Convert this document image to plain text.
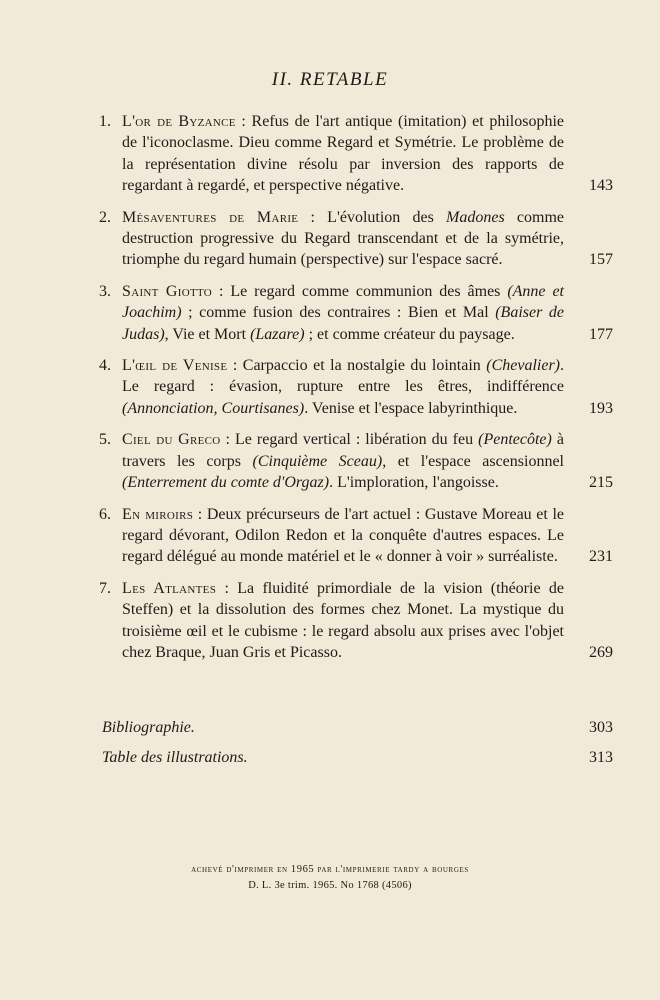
II. RETABLE
1. L'or de Byzance : Refus de l'art antique (imitation) et philosophie de l'iconoclasme. Dieu comme Regard et Symétrie. Le problème de la représentation divine résolu par inversion des rapports de regardant à regardé, et perspective négative.	143
2. Mésaventures de Marie : L'évolution des Madones comme destruction progressive du Regard transcendant et de la symétrie, triomphe du regard humain (perspective) sur l'espace sacré.	157
3. Saint Giotto : Le regard comme communion des âmes (Anne et Joachim) ; comme fusion des contraires : Bien et Mal (Baiser de Judas), Vie et Mort (Lazare) ; et comme créateur du paysage.	177
4. L'œil de Venise : Carpaccio et la nostalgie du lointain (Chevalier). Le regard : évasion, rupture entre les êtres, indifférence (Annonciation, Courtisanes). Venise et l'espace labyrinthique.	193
5. Ciel du Greco : Le regard vertical : libération du feu (Pentecôte) à travers les corps (Cinquième Sceau), et l'espace ascensionnel (Enterrement du comte d'Orgaz). L'imploration, l'angoisse.	215
6. En miroirs : Deux précurseurs de l'art actuel : Gustave Moreau et le regard dévorant, Odilon Redon et la conquête d'autres espaces. Le regard délégué au monde matériel et le « donner à voir » surréaliste.	231
7. Les Atlantes : La fluidité primordiale de la vision (théorie de Steffen) et la dissolution des formes chez Monet. La mystique du troisième œil et le cubisme : le regard absolu aux prises avec l'objet chez Braque, Juan Gris et Picasso.	269
Bibliographie.	303
Table des illustrations.	313
achevé d'imprimer en 1965 par l'imprimerie tardy a bourges
D. L. 3e trim. 1965. No 1768 (4506)
